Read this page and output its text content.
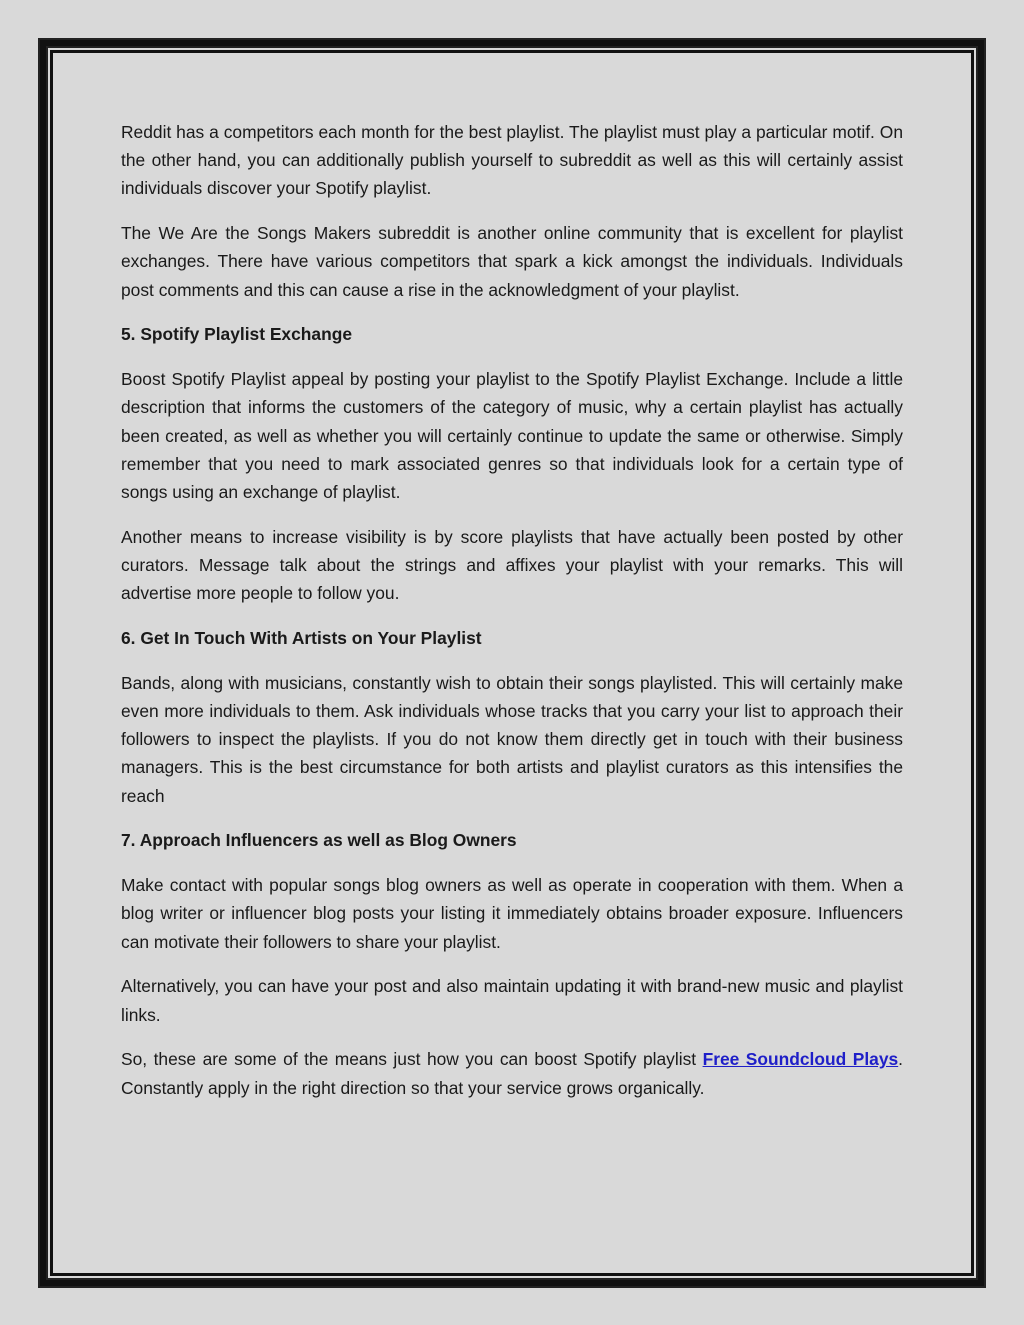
Reddit has a competitors each month for the best playlist. The playlist must play a particular motif. On the other hand, you can additionally publish yourself to subreddit as well as this will certainly assist individuals discover your Spotify playlist.

The We Are the Songs Makers subreddit is another online community that is excellent for playlist exchanges. There have various competitors that spark a kick amongst the individuals. Individuals post comments and this can cause a rise in the acknowledgment of your playlist.

5. Spotify Playlist Exchange

Boost Spotify Playlist appeal by posting your playlist to the Spotify Playlist Exchange. Include a little description that informs the customers of the category of music, why a certain playlist has actually been created, as well as whether you will certainly continue to update the same or otherwise. Simply remember that you need to mark associated genres so that individuals look for a certain type of songs using an exchange of playlist.

Another means to increase visibility is by score playlists that have actually been posted by other curators. Message talk about the strings and affixes your playlist with your remarks. This will advertise more people to follow you.

6. Get In Touch With Artists on Your Playlist

Bands, along with musicians, constantly wish to obtain their songs playlisted. This will certainly make even more individuals to them. Ask individuals whose tracks that you carry your list to approach their followers to inspect the playlists. If you do not know them directly get in touch with their business managers. This is the best circumstance for both artists and playlist curators as this intensifies the reach

7. Approach Influencers as well as Blog Owners

Make contact with popular songs blog owners as well as operate in cooperation with them. When a blog writer or influencer blog posts your listing it immediately obtains broader exposure. Influencers can motivate their followers to share your playlist.

Alternatively, you can have your post and also maintain updating it with brand-new music and playlist links.

So, these are some of the means just how you can boost Spotify playlist Free Soundcloud Plays. Constantly apply in the right direction so that your service grows organically.
